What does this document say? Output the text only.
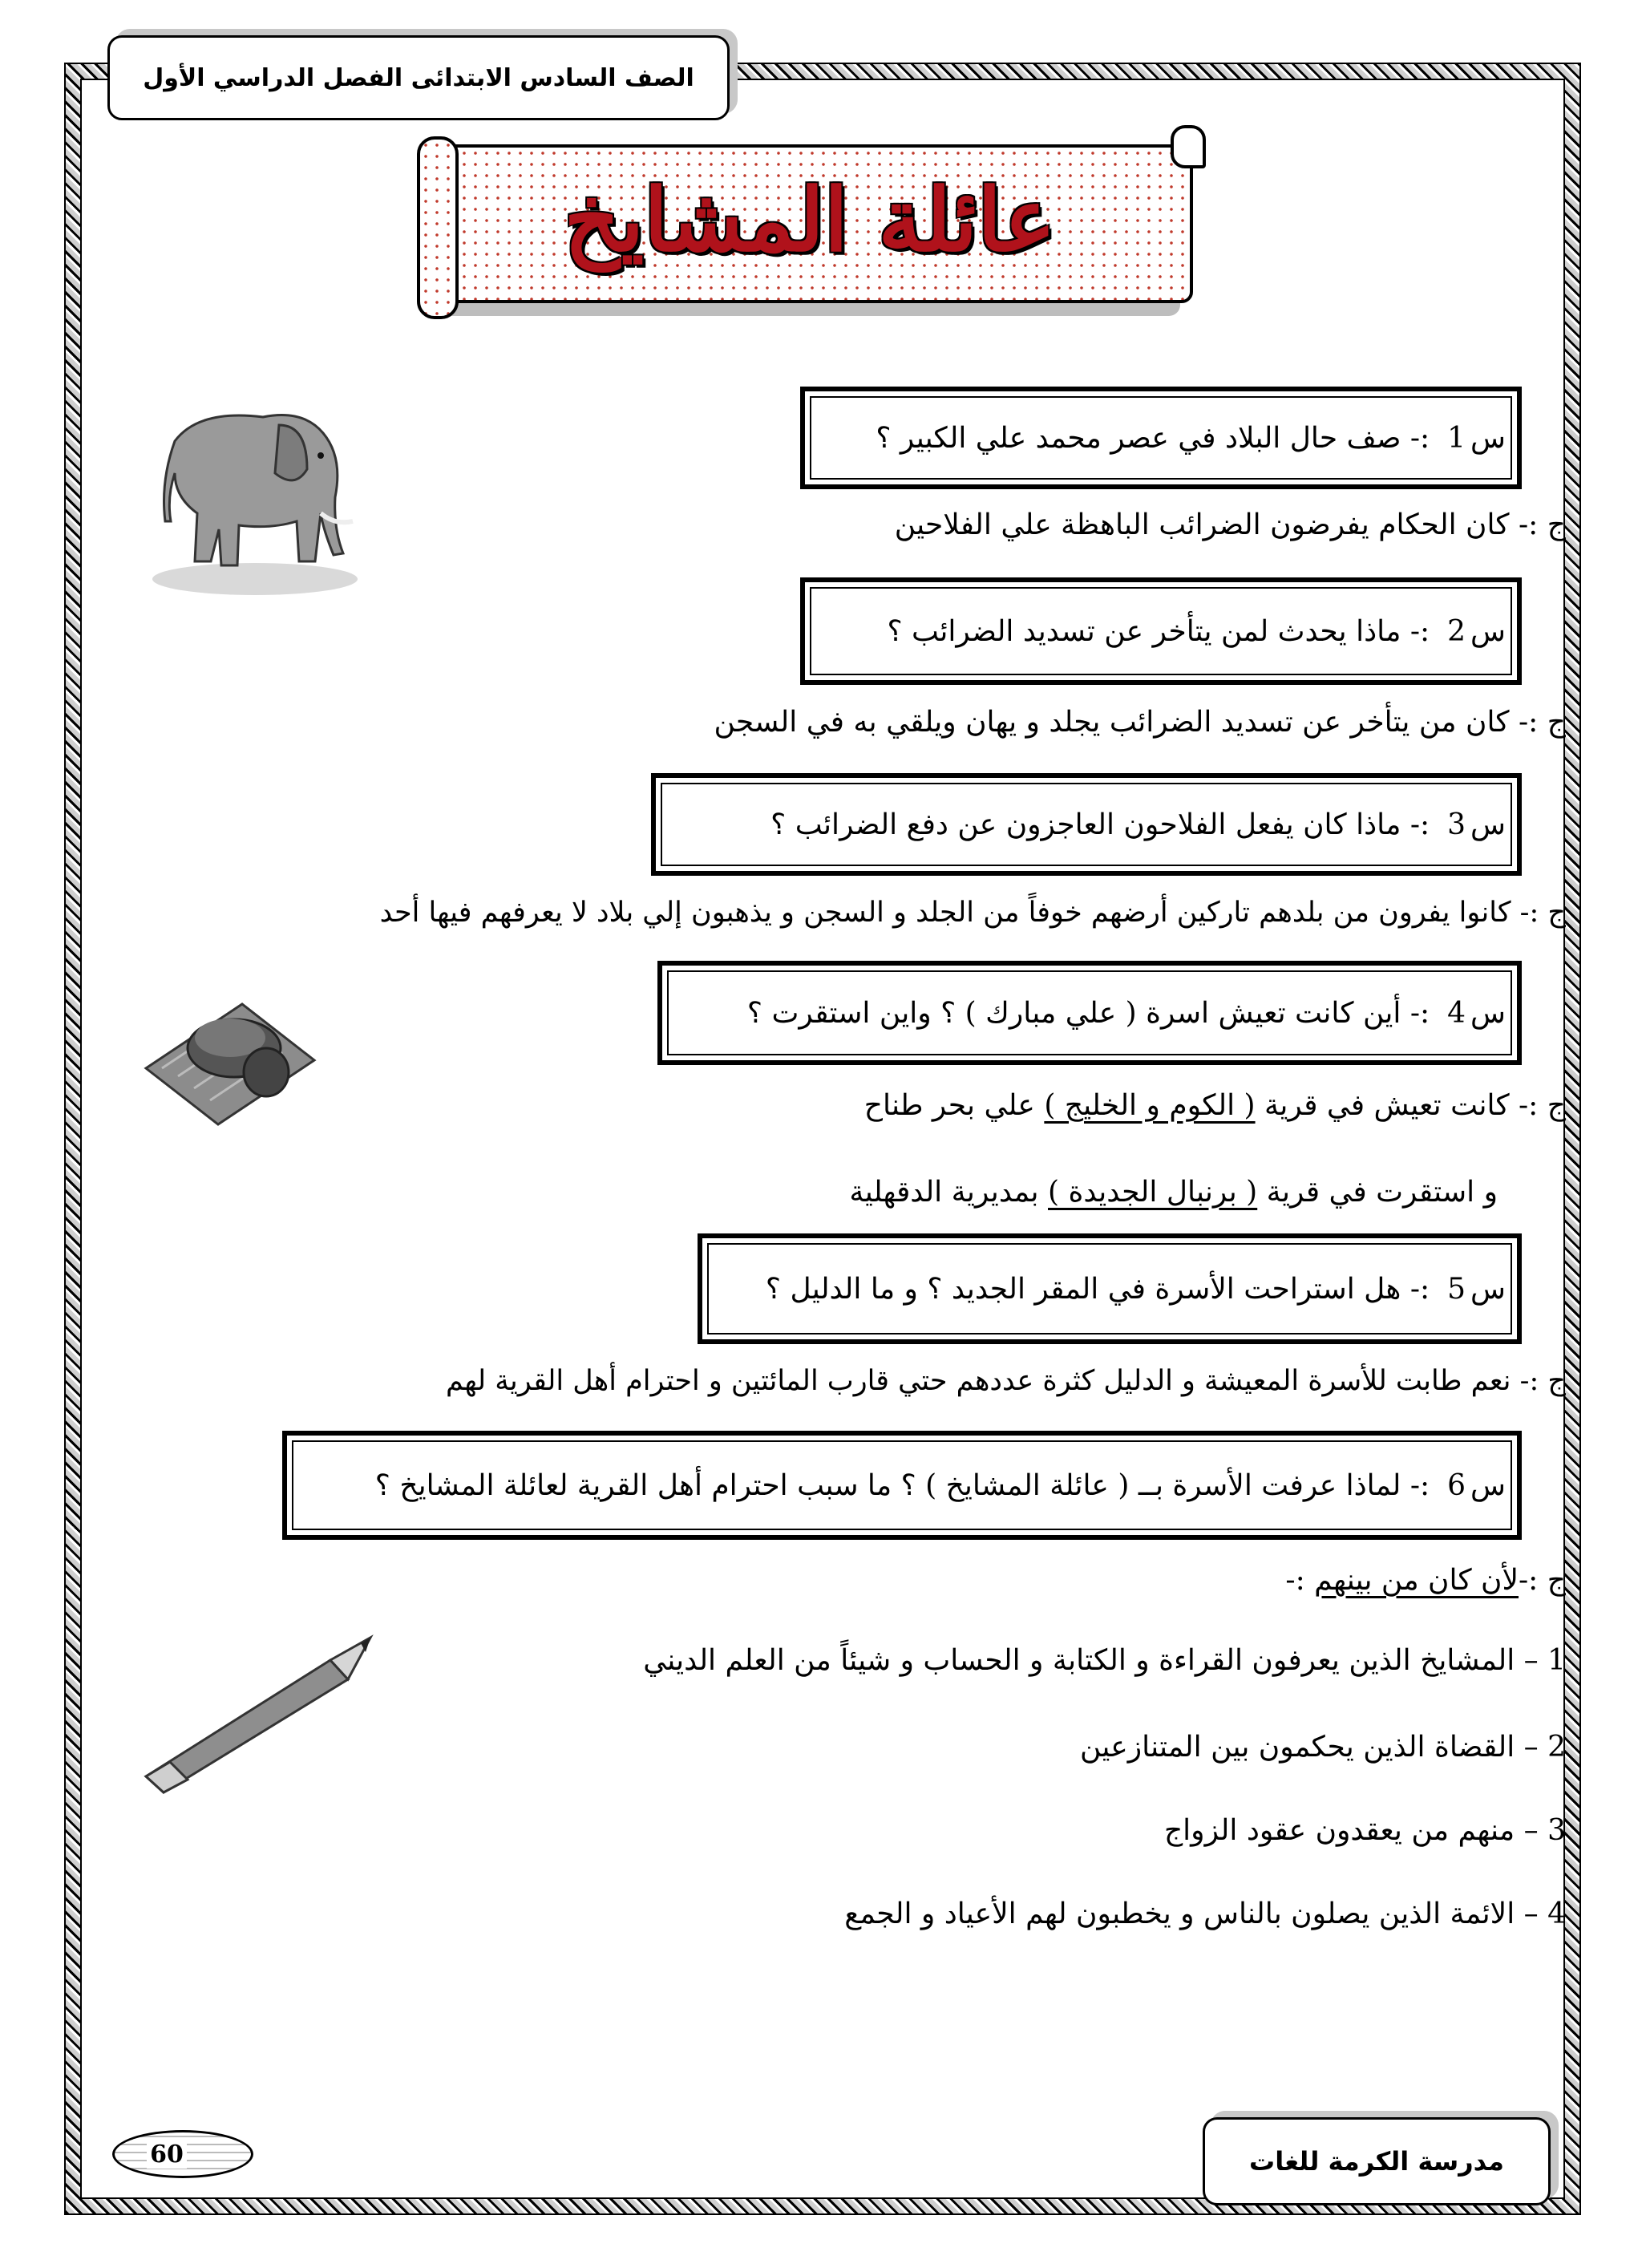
الصف السادس الابتدائى الفصل الدراسي الأول
عائلة المشايخ
س
1
:- صف حال البلاد في عصر محمد علي الكبير ؟
ج :- كان الحكام يفرضون الضرائب الباهظة علي الفلاحين
س
2
:- ماذا يحدث لمن يتأخر عن تسديد الضرائب ؟
ج :- كان من يتأخر عن تسديد الضرائب يجلد و يهان ويلقي به في السجن
س
3
:- ماذا كان يفعل الفلاحون العاجزون عن دفع الضرائب ؟
ج :- كانوا يفرون من بلدهم تاركين أرضهم خوفاً من الجلد و السجن و يذهبون إلي بلاد لا يعرفهم فيها أحد
س
4
:- أين كانت تعيش اسرة ( علي مبارك ) ؟ واين استقرت ؟
ج :- كانت تعيش في قرية ( الكوم و الخليج ) علي بحر طناح
و استقرت في قرية ( برنبال الجديدة ) بمديرية الدقهلية
س
5
:- هل استراحت الأسرة في المقر الجديد ؟ و ما الدليل ؟
ج :- نعم طابت للأسرة المعيشة و الدليل كثرة عددهم حتي قارب المائتين و احترام أهل القرية لهم
س
6
:- لماذا عرفت الأسرة بــ ( عائلة المشايخ ) ؟ ما سبب احترام أهل القرية لعائلة المشايخ ؟
ج :-لأن كان من بينهم :-
1 – المشايخ الذين يعرفون القراءة و الكتابة و الحساب و شيئاً من العلم الديني
2 – القضاة الذين يحكمون بين المتنازعين
3 – منهم من يعقدون عقود الزواج
4 – الائمة الذين يصلون بالناس و يخطبون لهم الأعياد و الجمع
60	مدرسة الكرمة للغات
